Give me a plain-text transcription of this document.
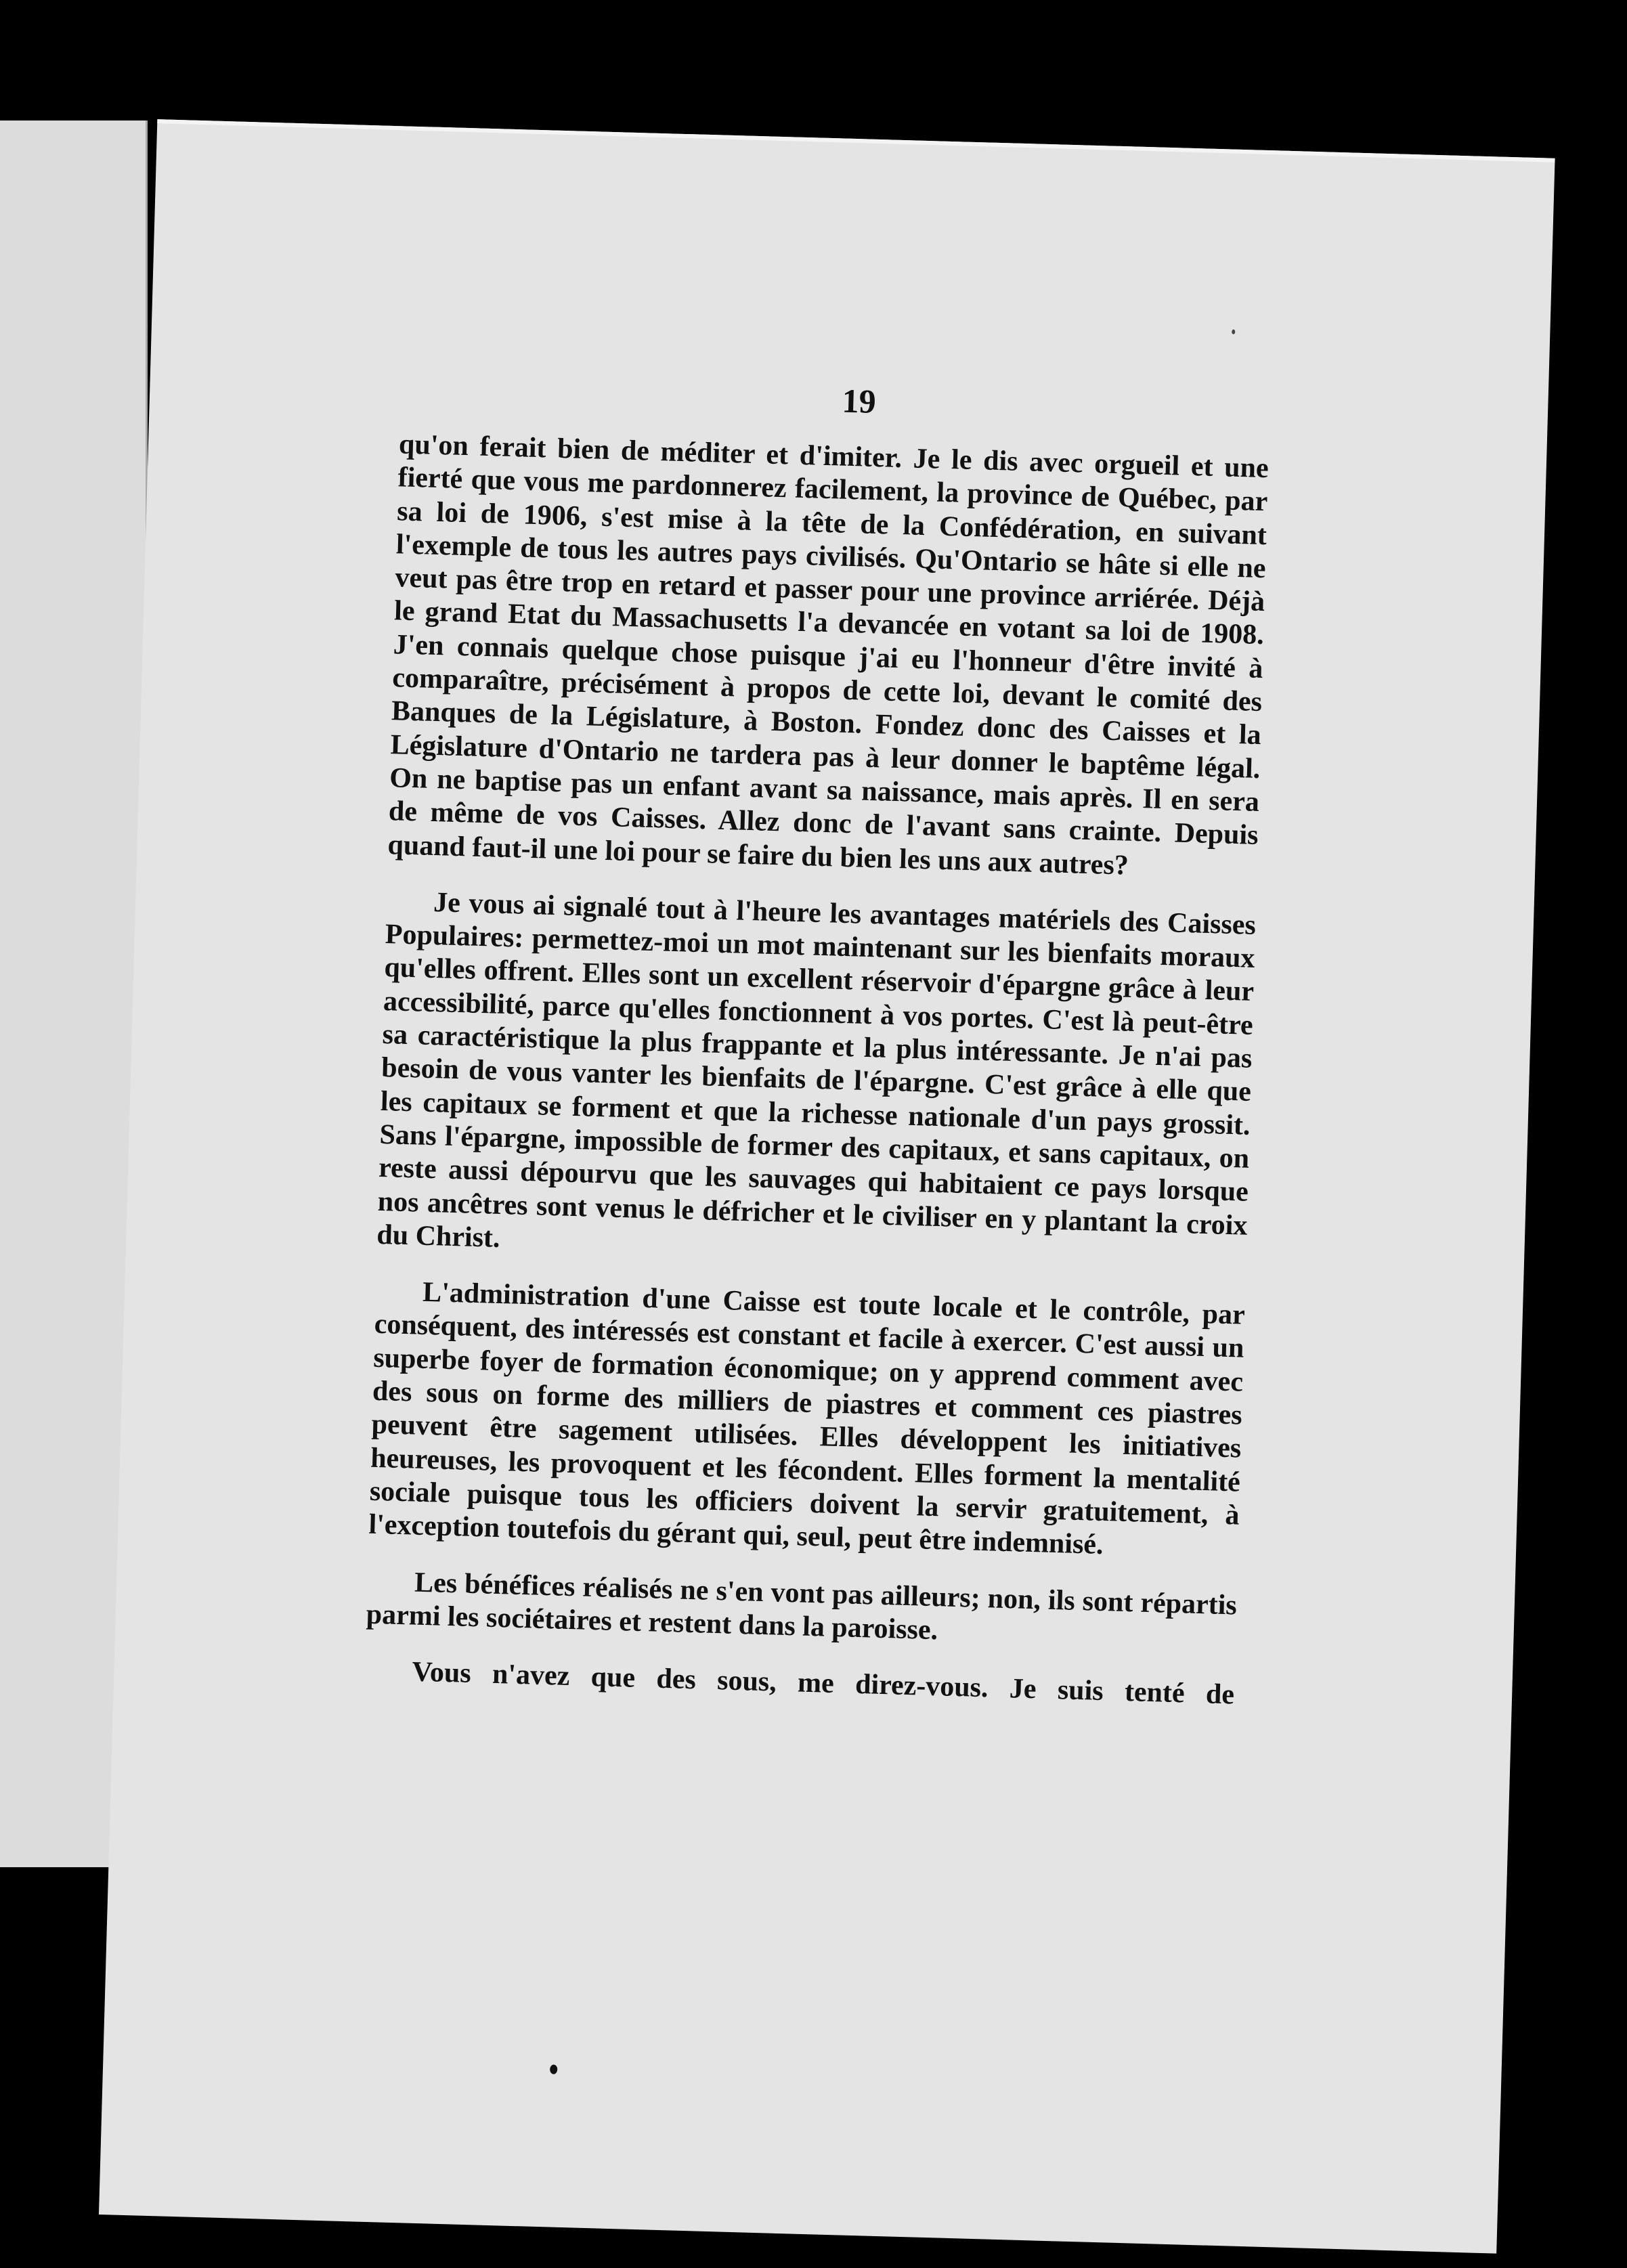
19

qu'on ferait bien de méditer et d'imiter. Je le dis avec orgueil et une fierté que vous me pardonnerez facilement, la province de Québec, par sa loi de 1906, s'est mise à la tête de la Confédération, en suivant l'exemple de tous les autres pays civilisés. Qu'Ontario se hâte si elle ne veut pas être trop en retard et passer pour une province arriérée. Déjà le grand Etat du Massachusetts l'a devancée en votant sa loi de 1908. J'en connais quelque chose puisque j'ai eu l'honneur d'être invité à comparaître, précisément à propos de cette loi, devant le comité des Banques de la Législature, à Boston. Fondez donc des Caisses et la Législature d'Ontario ne tardera pas à leur donner le baptême légal. On ne baptise pas un enfant avant sa naissance, mais après. Il en sera de même de vos Caisses. Allez donc de l'avant sans crainte. Depuis quand faut-il une loi pour se faire du bien les uns aux autres?

Je vous ai signalé tout à l'heure les avantages matériels des Caisses Populaires: permettez-moi un mot maintenant sur les bienfaits moraux qu'elles offrent. Elles sont un excellent réservoir d'épargne grâce à leur accessibilité, parce qu'elles fonctionnent à vos portes. C'est là peut-être sa caractéristique la plus frappante et la plus intéressante. Je n'ai pas besoin de vous vanter les bienfaits de l'épargne. C'est grâce à elle que les capitaux se forment et que la richesse nationale d'un pays grossit. Sans l'épargne, impossible de former des capitaux, et sans capitaux, on reste aussi dépourvu que les sauvages qui habitaient ce pays lorsque nos ancêtres sont venus le défricher et le civiliser en y plantant la croix du Christ.

L'administration d'une Caisse est toute locale et le contrôle, par conséquent, des intéressés est constant et facile à exercer. C'est aussi un superbe foyer de formation économique; on y apprend comment avec des sous on forme des milliers de piastres et comment ces piastres peuvent être sagement utilisées. Elles développent les initiatives heureuses, les provoquent et les fécondent. Elles forment la mentalité sociale puisque tous les officiers doivent la servir gratuitement, à l'exception toutefois du gérant qui, seul, peut être indemnisé.

Les bénéfices réalisés ne s'en vont pas ailleurs; non, ils sont répartis parmi les sociétaires et restent dans la paroisse.

Vous n'avez que des sous, me direz-vous. Je suis tenté de
